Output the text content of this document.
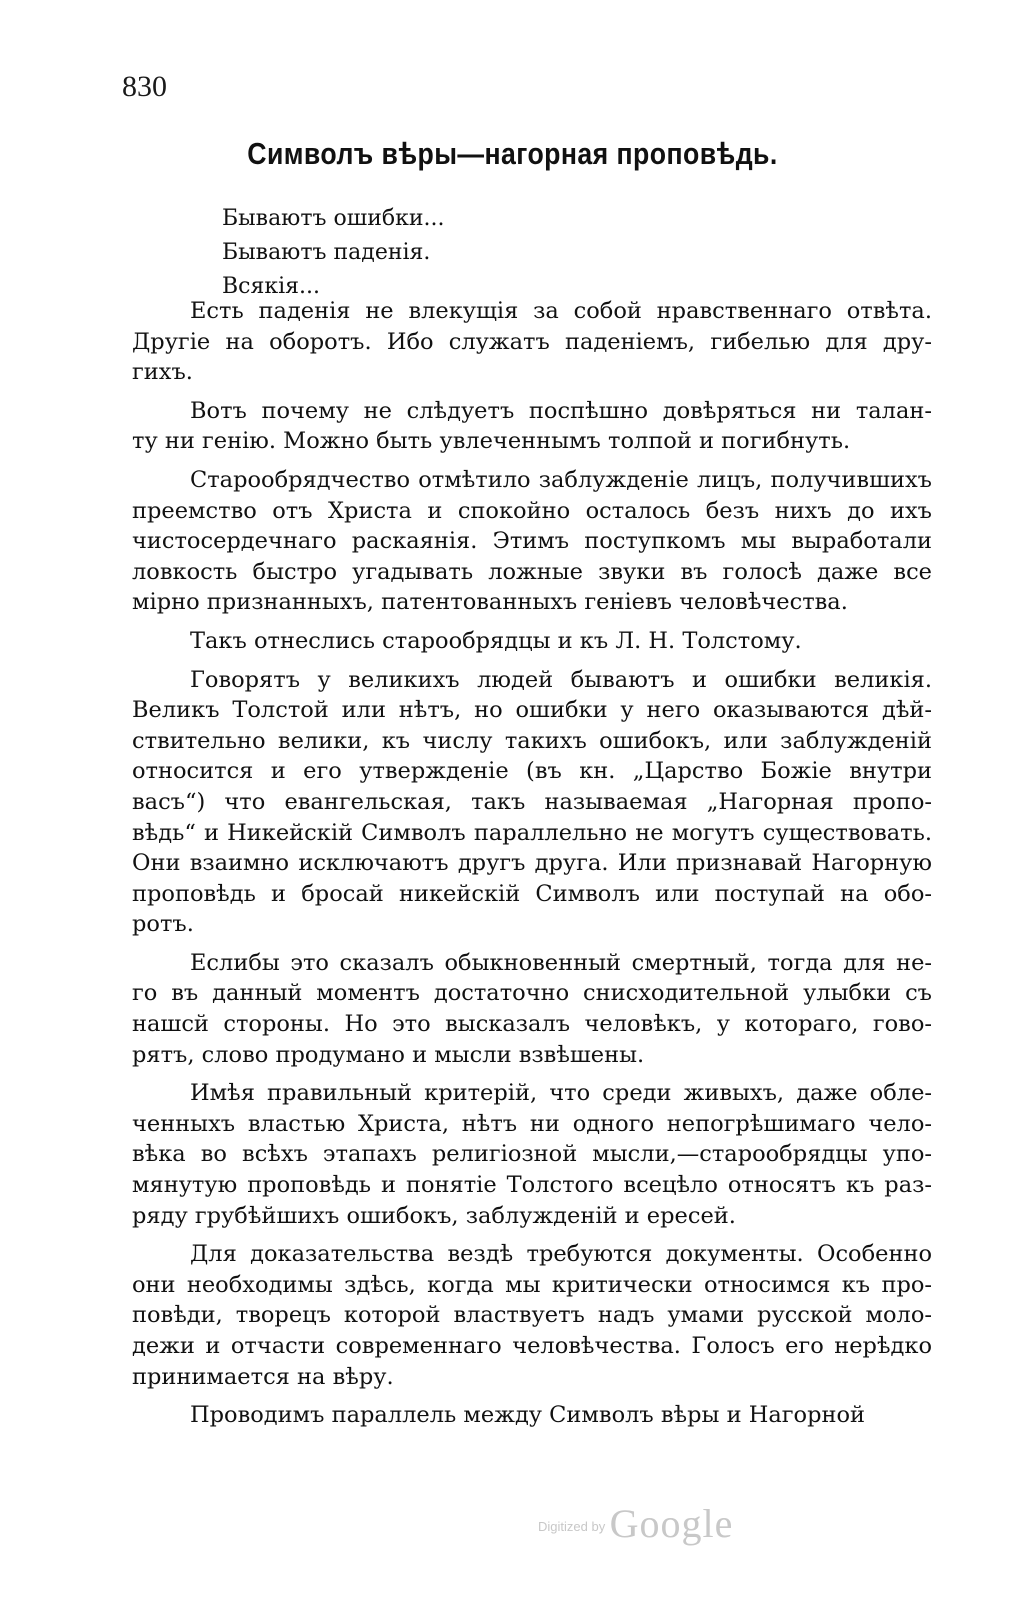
830
Символъ вѣры—нагорная проповѣдь.
Бываютъ ошибки...
Бываютъ паденія.
Всякія...
Есть паденія не влекущія за собой нравственнаго отвѣта.
Другіе на оборотъ. Ибо служатъ паденіемъ, гибелью для дру-
гихъ.
Вотъ почему не слѣдуетъ поспѣшно довѣряться ни талан-
ту ни генію. Можно быть увлеченнымъ толпой и погибнуть.
Старообрядчество отмѣтило заблужденіе лицъ, получившихъ
преемство отъ Христа и спокойно осталось безъ нихъ до ихъ
чистосердечнаго раскаянія. Этимъ поступкомъ мы выработали
ловкость быстро угадывать ложные звуки въ голосѣ даже все
мірно признанныхъ, патентованныхъ геніевъ человѣчества.
Такъ отнеслись старообрядцы и къ Л. Н. Толстому.
Говорятъ у великихъ людей бываютъ и ошибки великія.
Великъ Толстой или нѣтъ, но ошибки у него оказываются дѣй-
ствительно велики, къ числу такихъ ошибокъ, или заблужденій
относится и его утвержденіе (въ кн. „Царство Божіе внутри
васъ“) что евангельская, такъ называемая „Нагорная пропо-
вѣдь“ и Никейскій Символъ параллельно не могутъ существовать.
Они взаимно исключаютъ другъ друга. Или признавай Нагорную
проповѣдь и бросай никейскій Символъ или поступай на обо-
ротъ.
Еслибы это сказалъ обыкновенный смертный, тогда для не-
го въ данный моментъ достаточно снисходительной улыбки съ
нашсй стороны. Но это высказалъ человѣкъ, у котораго, гово-
рятъ, слово продумано и мысли взвѣшены.
Имѣя правильный критерій, что среди живыхъ, даже обле-
ченныхъ властью Христа, нѣтъ ни одного непогрѣшимаго чело-
вѣка во всѣхъ этапахъ религіозной мысли,—старообрядцы упо-
мянутую проповѣдь и понятіе Толстого всецѣло относятъ къ раз-
ряду грубѣйшихъ ошибокъ, заблужденій и ересей.
Для доказательства вездѣ требуются документы. Особенно
они необходимы здѣсь, когда мы критически относимся къ про-
повѣди, творецъ которой властвуетъ надъ умами русской моло-
дежи и отчасти современнаго человѣчества. Голосъ его нерѣдко
принимается на вѣру.
Проводимъ параллель между Символъ вѣры и Нагорной
$^{Digitized by}$ Google
